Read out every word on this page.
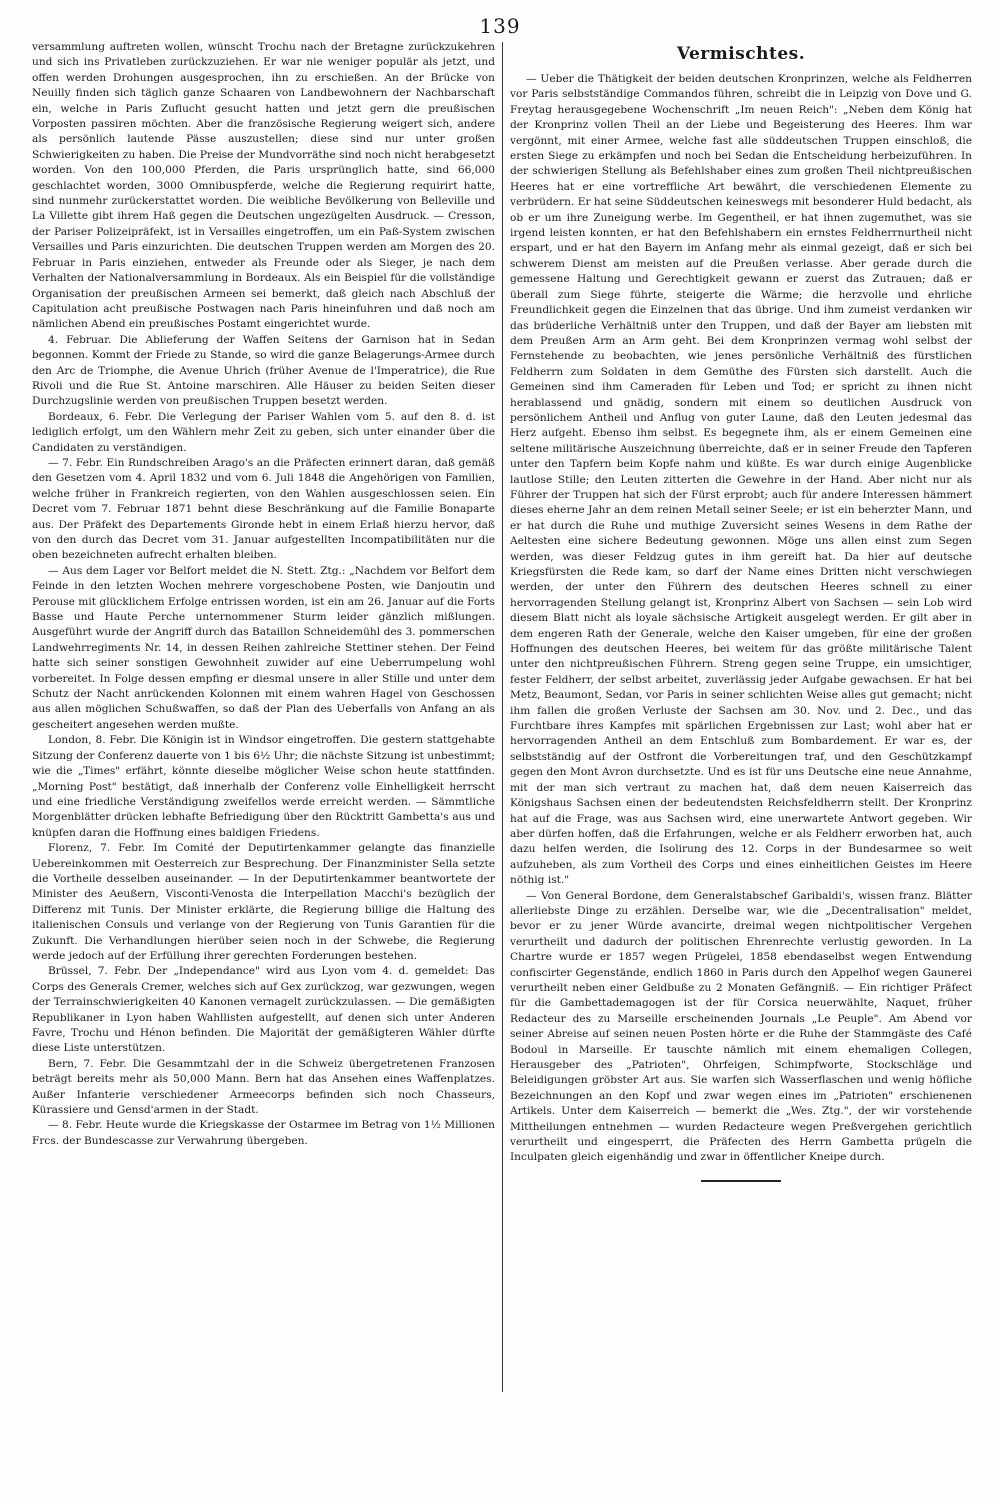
139

versammlung auftreten wollen, wünscht Trochu nach der Bretagne zurückzukehren und sich ins Privatleben zurückzuziehen. Er war nie weniger populär als jetzt, und offen werden Drohungen ausgesprochen, ihn zu erschießen. An der Brücke von Neuilly finden sich täglich ganze Schaaren von Landbewohnern der Nachbarschaft ein, welche in Paris Zuflucht gesucht hatten und jetzt gern die preußischen Vorposten passiren möchten. Aber die französische Regierung weigert sich, andere als persönlich lautende Pässe auszustellen; diese sind nur unter großen Schwierigkeiten zu haben. Die Preise der Mundvorräthe sind noch nicht herabgesetzt worden. Von den 100,000 Pferden, die Paris ursprünglich hatte, sind 66,000 geschlachtet worden, 3000 Omnibuspferde, welche die Regierung requirirt hatte, sind nunmehr zurückerstattet worden. Die weibliche Bevölkerung von Belleville und La Villette gibt ihrem Haß gegen die Deutschen ungezügelten Ausdruck. — Cresson, der Pariser Polizeipräfekt, ist in Versailles eingetroffen, um ein Paß-System zwischen Versailles und Paris einzurichten. Die deutschen Truppen werden am Morgen des 20. Februar in Paris einziehen, entweder als Freunde oder als Sieger, je nach dem Verhalten der Nationalversammlung in Bordeaux. Als ein Beispiel für die vollständige Organisation der preußischen Armeen sei bemerkt, daß gleich nach Abschluß der Capitulation acht preußische Postwagen nach Paris hineinfuhren und daß noch am nämlichen Abend ein preußisches Postamt eingerichtet wurde.

4. Februar. Die Ablieferung der Waffen Seitens der Garnison hat in Sedan begonnen. Kommt der Friede zu Stande, so wird die ganze Belagerungs-Armee durch den Arc de Triomphe, die Avenue Uhrich (früher Avenue de l'Imperatrice), die Rue Rivoli und die Rue St. Antoine marschiren. Alle Häuser zu beiden Seiten dieser Durchzugslinie werden von preußischen Truppen besetzt werden.

Bordeaux, 6. Febr. Die Verlegung der Pariser Wahlen vom 5. auf den 8. d. ist lediglich erfolgt, um den Wählern mehr Zeit zu geben, sich unter einander über die Candidaten zu verständigen.

— 7. Febr. Ein Rundschreiben Arago's an die Präfecten erinnert daran, daß gemäß den Gesetzen vom 4. April 1832 und vom 6. Juli 1848 die Angehörigen von Familien, welche früher in Frankreich regierten, von den Wahlen ausgeschlossen seien. Ein Decret vom 7. Februar 1871 behnt diese Beschränkung auf die Familie Bonaparte aus. Der Präfekt des Departements Gironde hebt in einem Erlaß hierzu hervor, daß von den durch das Decret vom 31. Januar aufgestellten Incompatibilitäten nur die oben bezeichneten aufrecht erhalten bleiben.

— Aus dem Lager vor Belfort meldet die N. Stett. Ztg.: „Nachdem vor Belfort dem Feinde in den letzten Wochen mehrere vorgeschobene Posten, wie Danjoutin und Perouse mit glücklichem Erfolge entrissen worden, ist ein am 26. Januar auf die Forts Basse und Haute Perche unternommener Sturm leider gänzlich mißlungen. Ausgeführt wurde der Angriff durch das Bataillon Schneidemühl des 3. pommerschen Landwehrregiments Nr. 14, in dessen Reihen zahlreiche Stettiner stehen. Der Feind hatte sich seiner sonstigen Gewohnheit zuwider auf eine Ueberrumpelung wohl vorbereitet. In Folge dessen empfing er diesmal unsere in aller Stille und unter dem Schutz der Nacht anrückenden Kolonnen mit einem wahren Hagel von Geschossen aus allen möglichen Schußwaffen, so daß der Plan des Ueberfalls von Anfang an als gescheitert angesehen werden mußte.

London, 8. Febr. Die Königin ist in Windsor eingetroffen. Die gestern stattgehabte Sitzung der Conferenz dauerte von 1 bis 6½ Uhr; die nächste Sitzung ist unbestimmt; wie die „Times" erfährt, könnte dieselbe möglicher Weise schon heute stattfinden. „Morning Post" bestätigt, daß innerhalb der Conferenz volle Einhelligkeit herrscht und eine friedliche Verständigung zweifellos werde erreicht werden. — Sämmtliche Morgenblätter drücken lebhafte Befriedigung über den Rücktritt Gambetta's aus und knüpfen daran die Hoffnung eines baldigen Friedens.

Florenz, 7. Febr. Im Comité der Deputirtenkammer gelangte das finanzielle Uebereinkommen mit Oesterreich zur Besprechung. Der Finanzminister Sella setzte die Vortheile desselben auseinander. — In der Deputirtenkammer beantwortete der Minister des Aeußern, Visconti-Venosta die Interpellation Macchi's bezüglich der Differenz mit Tunis. Der Minister erklärte, die Regierung billige die Haltung des italienischen Consuls und verlange von der Regierung von Tunis Garantien für die Zukunft. Die Verhandlungen hierüber seien noch in der Schwebe, die Regierung werde jedoch auf der Erfüllung ihrer gerechten Forderungen bestehen.

Brüssel, 7. Febr. Der „Independance" wird aus Lyon vom 4. d. gemeldet: Das Corps des Generals Cremer, welches sich auf Gex zurückzog, war gezwungen, wegen der Terrainschwierigkeiten 40 Kanonen vernagelt zurückzulassen. — Die gemäßigten Republikaner in Lyon haben Wahllisten aufgestellt, auf denen sich unter Anderen Favre, Trochu und Hénon befinden. Die Majorität der gemäßigteren Wähler dürfte diese Liste unterstützen.

Bern, 7. Febr. Die Gesammtzahl der in die Schweiz übergetretenen Franzosen beträgt bereits mehr als 50,000 Mann. Bern hat das Ansehen eines Waffenplatzes. Außer Infanterie verschiedener Armeecorps befinden sich noch Chasseurs, Kürassiere und Gensd'armen in der Stadt.

— 8. Febr. Heute wurde die Kriegskasse der Ostarmee im Betrag von 1½ Millionen Frcs. der Bundescasse zur Verwahrung übergeben.

Vermischtes.

— Ueber die Thätigkeit der beiden deutschen Kronprinzen, welche als Feldherren vor Paris selbstständige Commandos führen, schreibt die in Leipzig von Dove und G. Freytag herausgegebene Wochenschrift „Im neuen Reich": „Neben dem König hat der Kronprinz vollen Theil an der Liebe und Begeisterung des Heeres. Ihm war vergönnt, mit einer Armee, welche fast alle süddeutschen Truppen einschloß, die ersten Siege zu erkämpfen und noch bei Sedan die Entscheidung herbeizuführen. In der schwierigen Stellung als Befehlshaber eines zum großen Theil nichtpreußischen Heeres hat er eine vortreffliche Art bewährt, die verschiedenen Elemente zu verbrüdern. Er hat seine Süddeutschen keineswegs mit besonderer Huld bedacht, als ob er um ihre Zuneigung werbe. Im Gegentheil, er hat ihnen zugemuthet, was sie irgend leisten konnten, er hat den Befehlshabern ein ernstes Feldherrnurtheil nicht erspart, und er hat den Bayern im Anfang mehr als einmal gezeigt, daß er sich bei schwerem Dienst am meisten auf die Preußen verlasse. Aber gerade durch die gemessene Haltung und Gerechtigkeit gewann er zuerst das Zutrauen; daß er überall zum Siege führte, steigerte die Wärme; die herzvolle und ehrliche Freundlichkeit gegen die Einzelnen that das übrige. Und ihm zumeist verdanken wir das brüderliche Verhältniß unter den Truppen, und daß der Bayer am liebsten mit dem Preußen Arm an Arm geht. Bei dem Kronprinzen vermag wohl selbst der Fernstehende zu beobachten, wie jenes persönliche Verhältniß des fürstlichen Feldherrn zum Soldaten in dem Gemüthe des Fürsten sich darstellt. Auch die Gemeinen sind ihm Cameraden für Leben und Tod; er spricht zu ihnen nicht herablassend und gnädig, sondern mit einem so deutlichen Ausdruck von persönlichem Antheil und Anflug von guter Laune, daß den Leuten jedesmal das Herz aufgeht. Ebenso ihm selbst. Es begegnete ihm, als er einem Gemeinen eine seltene militärische Auszeichnung überreichte, daß er in seiner Freude den Tapferen unter den Tapfern beim Kopfe nahm und küßte. Es war durch einige Augenblicke lautlose Stille; den Leuten zitterten die Gewehre in der Hand. Aber nicht nur als Führer der Truppen hat sich der Fürst erprobt; auch für andere Interessen hämmert dieses eherne Jahr an dem reinen Metall seiner Seele; er ist ein beherzter Mann, und er hat durch die Ruhe und muthige Zuversicht seines Wesens in dem Rathe der Aeltesten eine sichere Bedeutung gewonnen. Möge uns allen einst zum Segen werden, was dieser Feldzug gutes in ihm gereift hat. Da hier auf deutsche Kriegsfürsten die Rede kam, so darf der Name eines Dritten nicht verschwiegen werden, der unter den Führern des deutschen Heeres schnell zu einer hervorragenden Stellung gelangt ist, Kronprinz Albert von Sachsen — sein Lob wird diesem Blatt nicht als loyale sächsische Artigkeit ausgelegt werden. Er gilt aber in dem engeren Rath der Generale, welche den Kaiser umgeben, für eine der großen Hoffnungen des deutschen Heeres, bei weitem für das größte militärische Talent unter den nichtpreußischen Führern. Streng gegen seine Truppe, ein umsichtiger, fester Feldherr, der selbst arbeitet, zuverlässig jeder Aufgabe gewachsen. Er hat bei Metz, Beaumont, Sedan, vor Paris in seiner schlichten Weise alles gut gemacht; nicht ihm fallen die großen Verluste der Sachsen am 30. Nov. und 2. Dec., und das Furchtbare ihres Kampfes mit spärlichen Ergebnissen zur Last; wohl aber hat er hervorragenden Antheil an dem Entschluß zum Bombardement. Er war es, der selbstständig auf der Ostfront die Vorbereitungen traf, und den Geschützkampf gegen den Mont Avron durchsetzte. Und es ist für uns Deutsche eine neue Annahme, mit der man sich vertraut zu machen hat, daß dem neuen Kaiserreich das Königshaus Sachsen einen der bedeutendsten Reichsfeldherrn stellt. Der Kronprinz hat auf die Frage, was aus Sachsen wird, eine unerwartete Antwort gegeben. Wir aber dürfen hoffen, daß die Erfahrungen, welche er als Feldherr erworben hat, auch dazu helfen werden, die Isolirung des 12. Corps in der Bundesarmee so weit aufzuheben, als zum Vortheil des Corps und eines einheitlichen Geistes im Heere nöthig ist."

— Von General Bordone, dem Generalstabschef Garibaldi's, wissen franz. Blätter allerliebste Dinge zu erzählen. Derselbe war, wie die „Decentralisation" meldet, bevor er zu jener Würde avancirte, dreimal wegen nichtpolitischer Vergehen verurtheilt und dadurch der politischen Ehrenrechte verlustig geworden. In La Chartre wurde er 1857 wegen Prügelei, 1858 ebendaselbst wegen Entwendung confiscirter Gegenstände, endlich 1860 in Paris durch den Appelhof wegen Gaunerei verurtheilt neben einer Geldbuße zu 2 Monaten Gefängniß. — Ein richtiger Präfect für die Gambettademagogen ist der für Corsica neuerwählte, Naquet, früher Redacteur des zu Marseille erscheinenden Journals „Le Peuple". Am Abend vor seiner Abreise auf seinen neuen Posten hörte er die Ruhe der Stammgäste des Café Bodoul in Marseille. Er tauschte nämlich mit einem ehemaligen Collegen, Herausgeber des „Patrioten", Ohrfeigen, Schimpfworte, Stockschläge und Beleidigungen gröbster Art aus. Sie warfen sich Wasserflaschen und wenig höfliche Bezeichnungen an den Kopf und zwar wegen eines im „Patrioten" erschienenen Artikels. Unter dem Kaiserreich — bemerkt die „Wes. Ztg.", der wir vorstehende Mittheilungen entnehmen — wurden Redacteure wegen Preßvergehen gerichtlich verurtheilt und eingesperrt, die Präfecten des Herrn Gambetta prügeln die Inculpaten gleich eigenhändig und zwar in öffentlicher Kneipe durch.
